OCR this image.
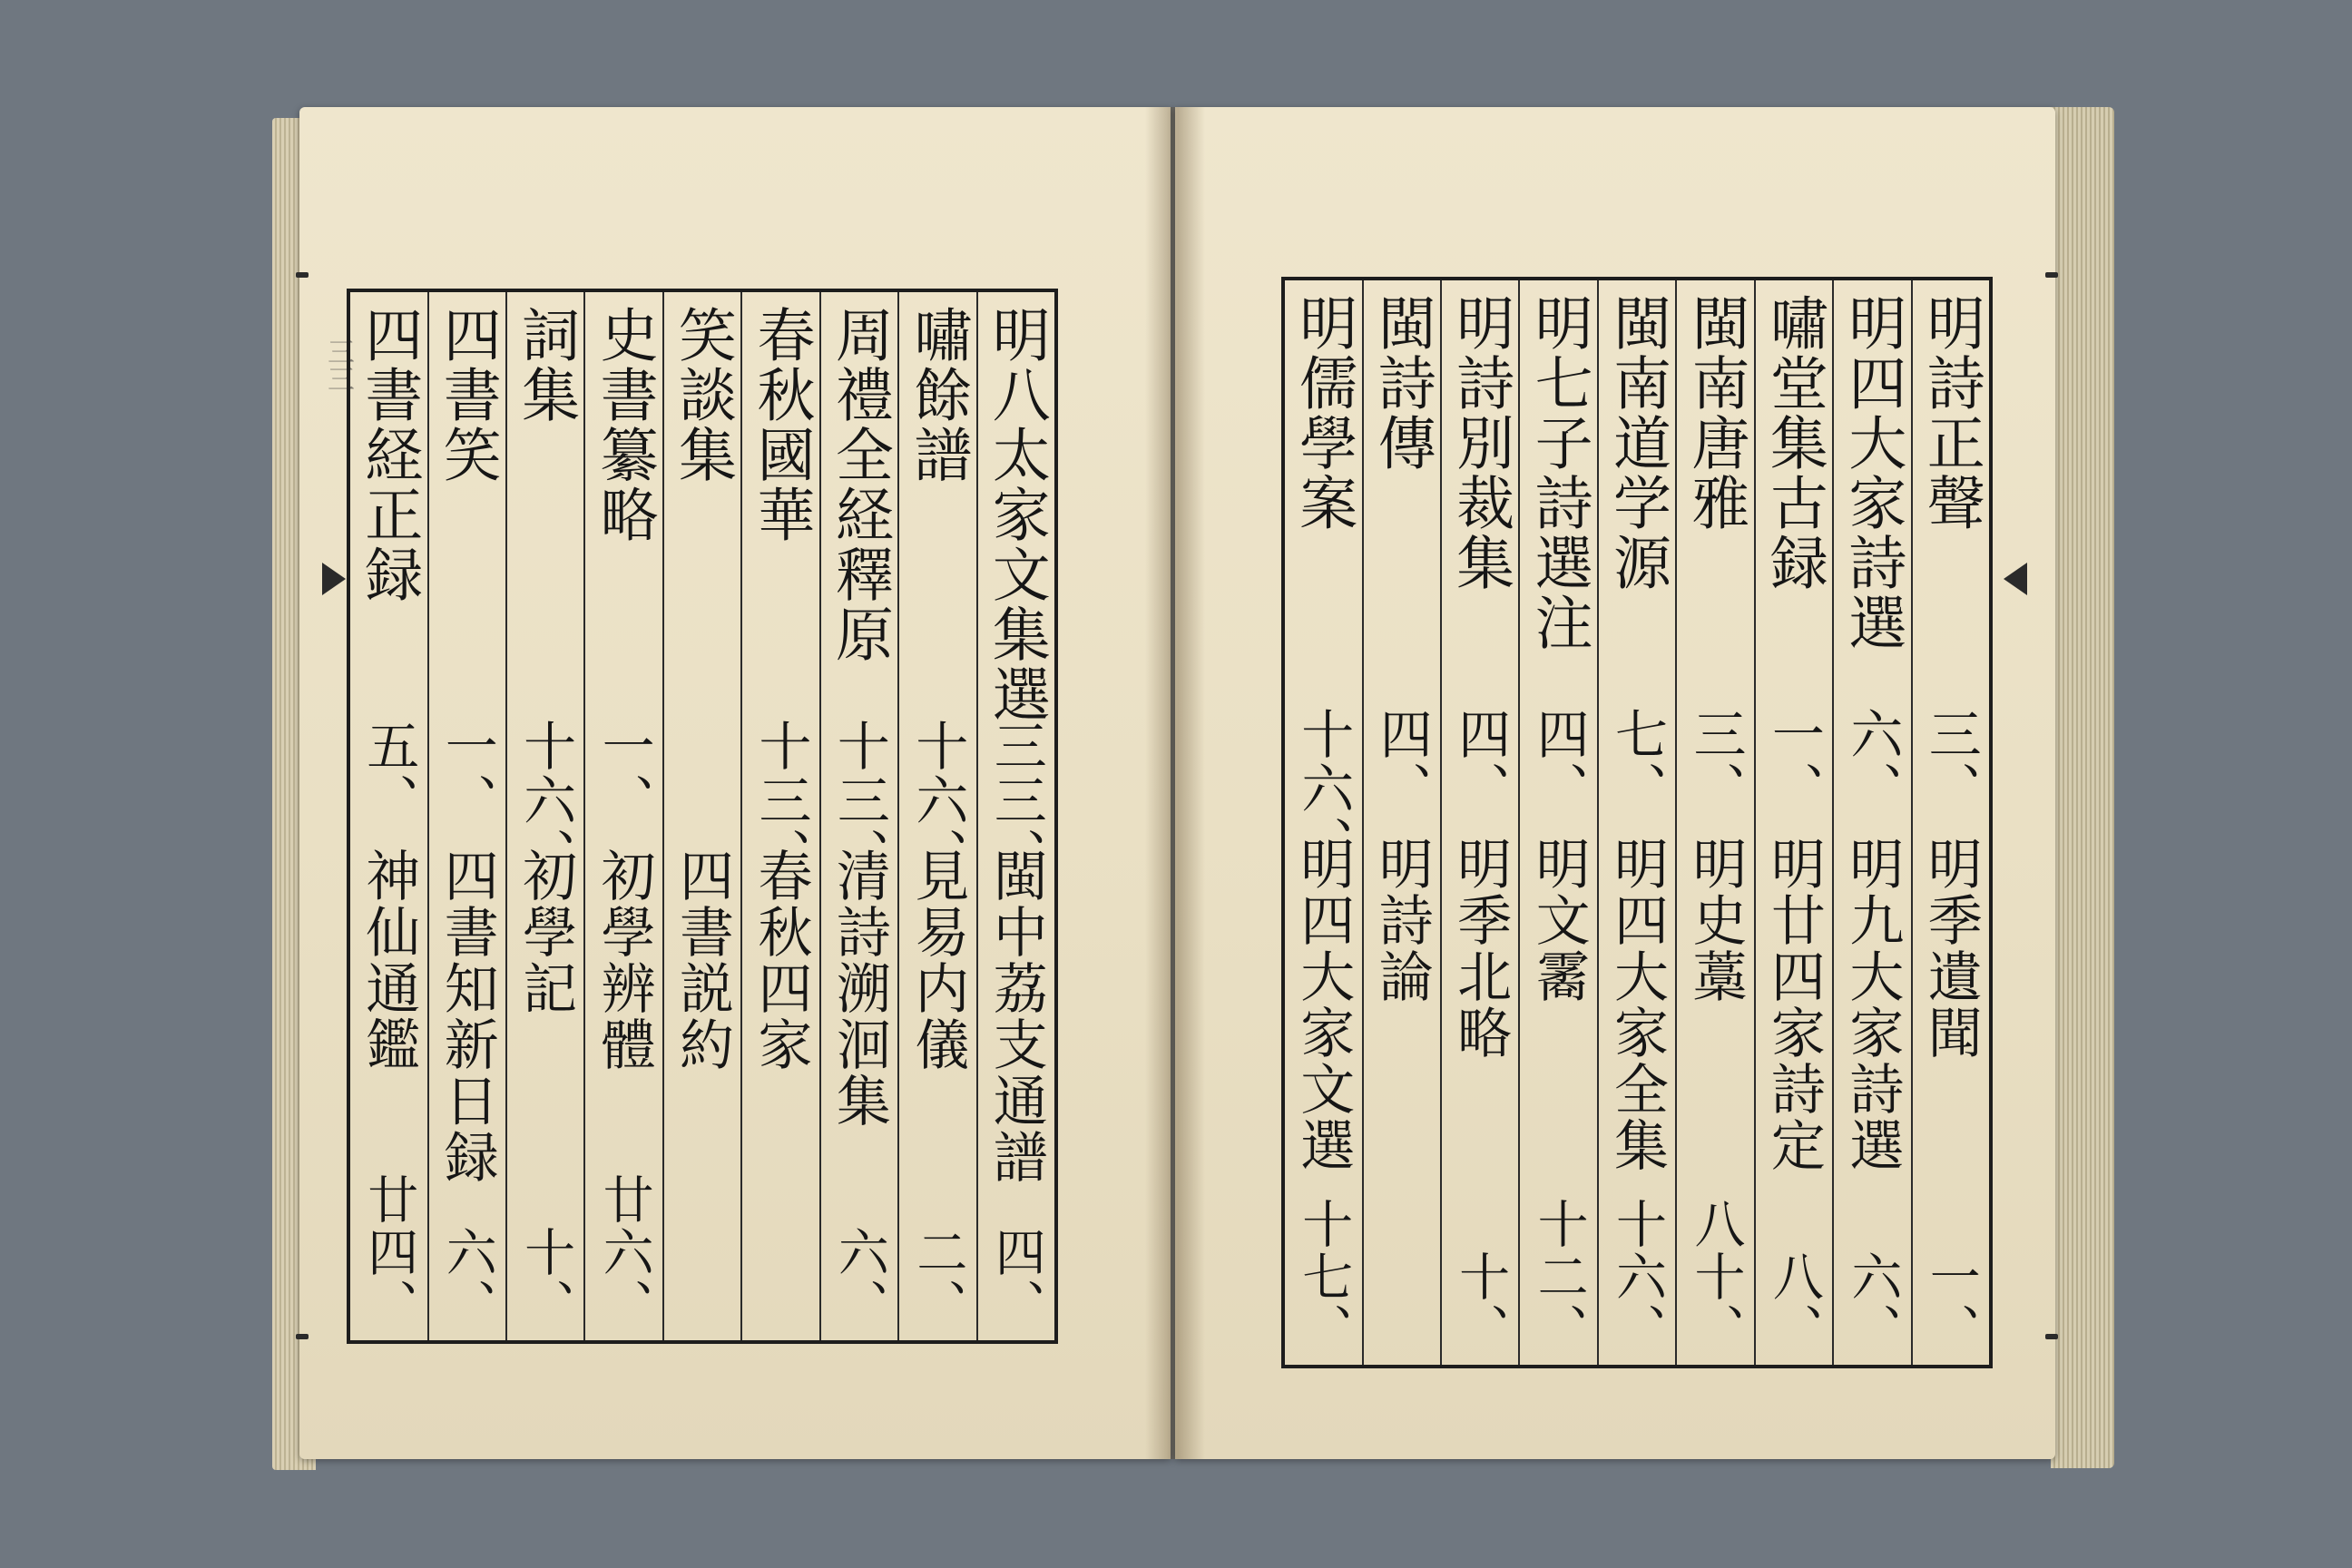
三三	明八太家文集選
三三、
閩中荔支通譜
四、
嘯餘譜
十六、
見易内儀
二、
周禮全経釋原
十三、
清詩溯洄集
六、
春秋國華
十三、
春秋四家
笑談集
四書説約
史書纂略
一、
初學辨體
廿六、
詞集
十六、
初學記
十、
四書笑
一、
四書知新日録
六、
四書経正録
五、
神仙通鑑
廿四、
明詩正聲
三、
明季遺聞
一、
明四大家詩選
六、
明九大家詩選
六、
嘯堂集古録
一、
明廿四家詩定
八、
閩南唐雅
三、
明史藁
八十、
閩南道学源
七、
明四大家全集
十六、
明七子詩選注
四、
明文霱
十二、
明詩別裁集
四、
明季北略
十、
閩詩傳
四、
明詩論
明儒學案
十六、
明四大家文選
十七、
